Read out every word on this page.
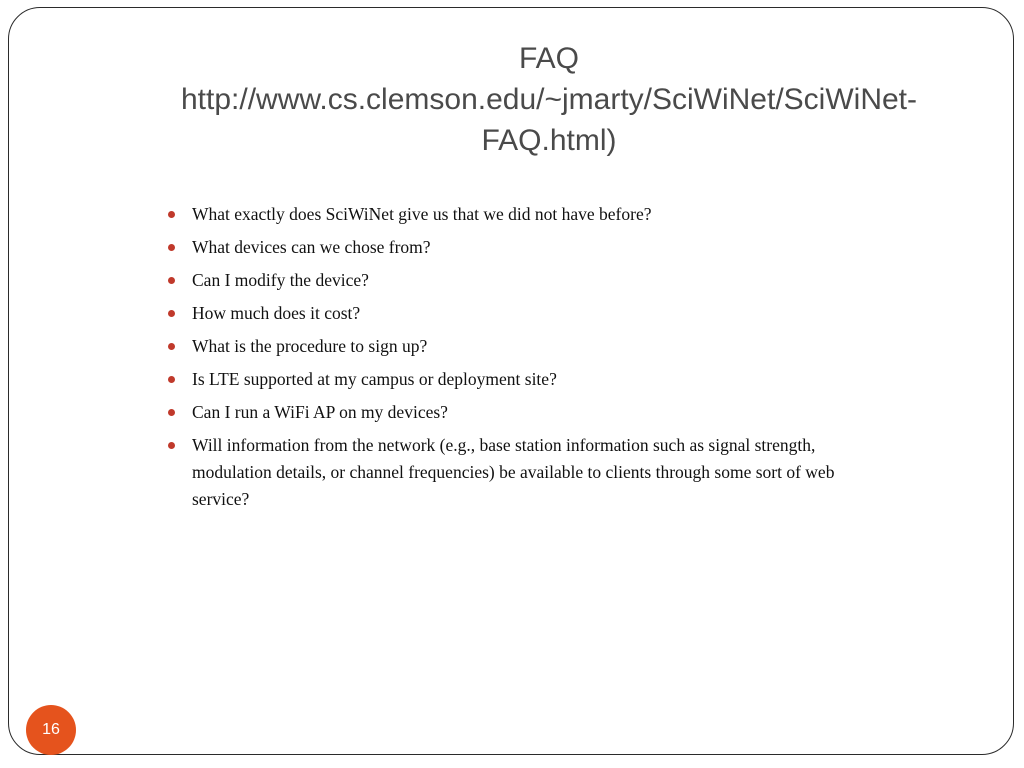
FAQ
http://www.cs.clemson.edu/~jmarty/SciWiNet/SciWiNet-
FAQ.html)
What exactly does SciWiNet give us that we did not have before?
What devices can we chose from?
Can I modify the device?
How much does it cost?
What is the procedure to sign up?
Is LTE supported at my campus or deployment site?
Can I run a WiFi AP on my devices?
Will information from the network (e.g., base station information such as signal strength, modulation details, or channel frequencies) be available to clients through some sort of web service?
16
